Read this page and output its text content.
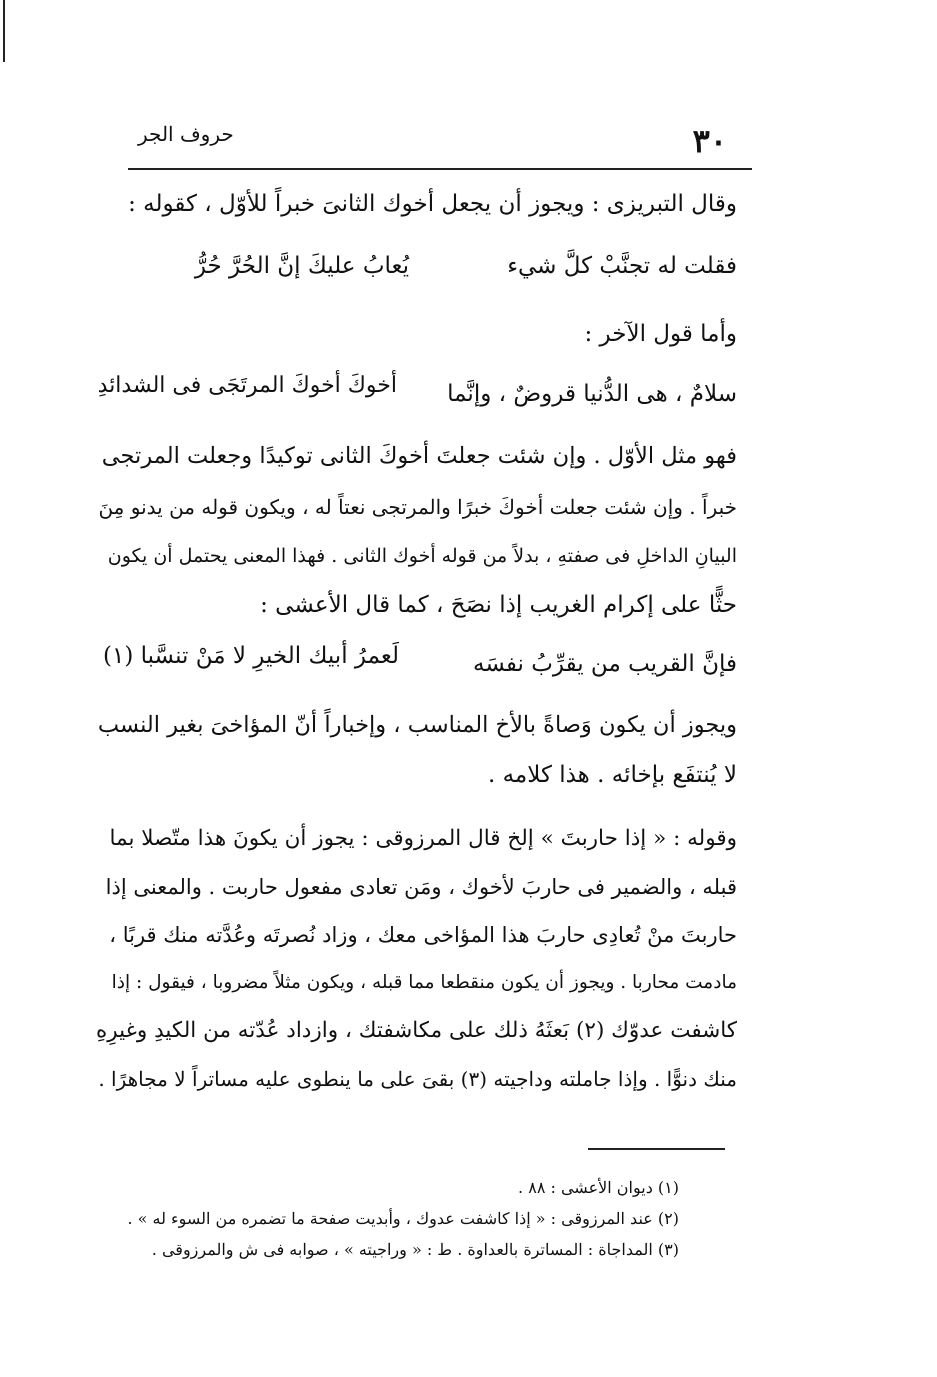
٣٠
حروف الجر
وقال التبريزى : ويجوز أن يجعل أخوك الثانىَ خبراً للأوّل ، كقوله :
فقلت له تجنَّبْ كلَّ شيء
يُعابُ عليكَ إنَّ الحُرَّ حُرُّ
وأما قول الآخر :
سلامٌ ، هى الدُّنيا قروضٌ ، وإنَّما
أخوكَ أخوكَ المرتَجَى فى الشدائدِ
فهو مثل الأوّل . وإن شئت جعلتَ أخوكَ الثانى توكيدًا وجعلت المرتجى
خبراً . وإن شئت جعلت أخوكَ خبرًا والمرتجى نعتاً له ، ويكون قوله من يدنو مِنَ
البيانِ الداخلِ فى صفتهِ ، بدلاً من قوله أخوك الثانى . فهذا المعنى يحتمل أن يكون
حثًّا على إكرام الغريب إذا نصَحَ ، كما قال الأعشى :
فإنَّ القريب من يقرِّبُ نفسَه
لَعمرُ أبيك الخيرِ لا مَنْ تنسَّبا (١)
ويجوز أن يكون وَصاةً بالأخ المناسب ، وإخباراً أنّ المؤاخىَ بغير النسب
لا يُنتفَع بإخائه . هذا كلامه .
وقوله : « إذا حاربتَ » إلخ قال المرزوقى : يجوز أن يكونَ هذا متّصلا بما
قبله ، والضمير فى حاربَ لأخوك ، ومَن تعادى مفعول حاربت . والمعنى إذا
حاربتَ منْ تُعادِى حاربَ هذا المؤاخى معك ، وزاد نُصرتَه وعُدَّته منك قربًا ،
مادمت محاربا . ويجوز أن يكون منقطعا مما قبله ، ويكون مثلاً مضروبا ، فيقول : إذا
كاشفت عدوّك (٢) بَعثَهُ ذلك على مكاشفتك ، وازداد عُدّته من الكيدِ وغيرِهِ
منك دنوًّا . وإذا جاملته وداجيته (٣) بقىَ على ما ينطوى عليه مساتراً لا مجاهرًا .
(١) ديوان الأعشى : ٨٨ .
(٢) عند المرزوقى : « إذا كاشفت عدوك ، وأبديت صفحة ما تضمره من السوء له » .
(٣) المداجاة : المساترة بالعداوة . ط : « وراجيته » ، صوابه فى ش والمرزوقى .
